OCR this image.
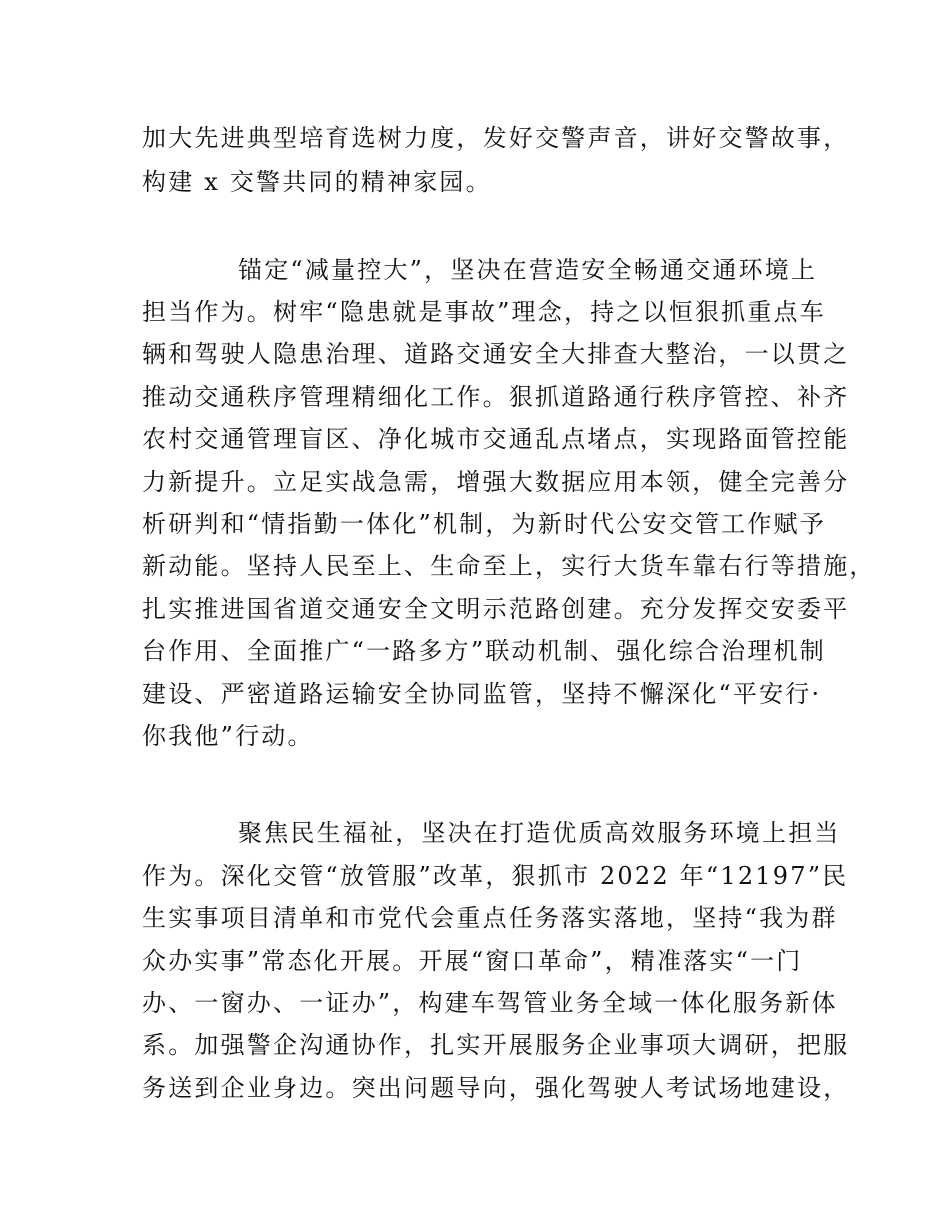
加大先进典型培育选树力度，发好交警声音，讲好交警故事，
构建 x 交警共同的精神家园。
锚定“减量控大”，坚决在营造安全畅通交通环境上
担当作为。树牢“隐患就是事故”理念，持之以恒狠抓重点车
辆和驾驶人隐患治理、道路交通安全大排查大整治，一以贯之
推动交通秩序管理精细化工作。狠抓道路通行秩序管控、补齐
农村交通管理盲区、净化城市交通乱点堵点，实现路面管控能
力新提升。立足实战急需，增强大数据应用本领，健全完善分
析研判和“情指勤一体化”机制，为新时代公安交管工作赋予
新动能。坚持人民至上、生命至上，实行大货车靠右行等措施，
扎实推进国省道交通安全文明示范路创建。充分发挥交安委平
台作用、全面推广“一路多方”联动机制、强化综合治理机制
建设、严密道路运输安全协同监管，坚持不懈深化“平安行·
你我他”行动。
聚焦民生福祉，坚决在打造优质高效服务环境上担当
作为。深化交管“放管服”改革，狠抓市 2022 年“12197”民
生实事项目清单和市党代会重点任务落实落地，坚持“我为群
众办实事”常态化开展。开展“窗口革命”，精准落实“一门
办、一窗办、一证办”，构建车驾管业务全域一体化服务新体
系。加强警企沟通协作，扎实开展服务企业事项大调研，把服
务送到企业身边。突出问题导向，强化驾驶人考试场地建设，
